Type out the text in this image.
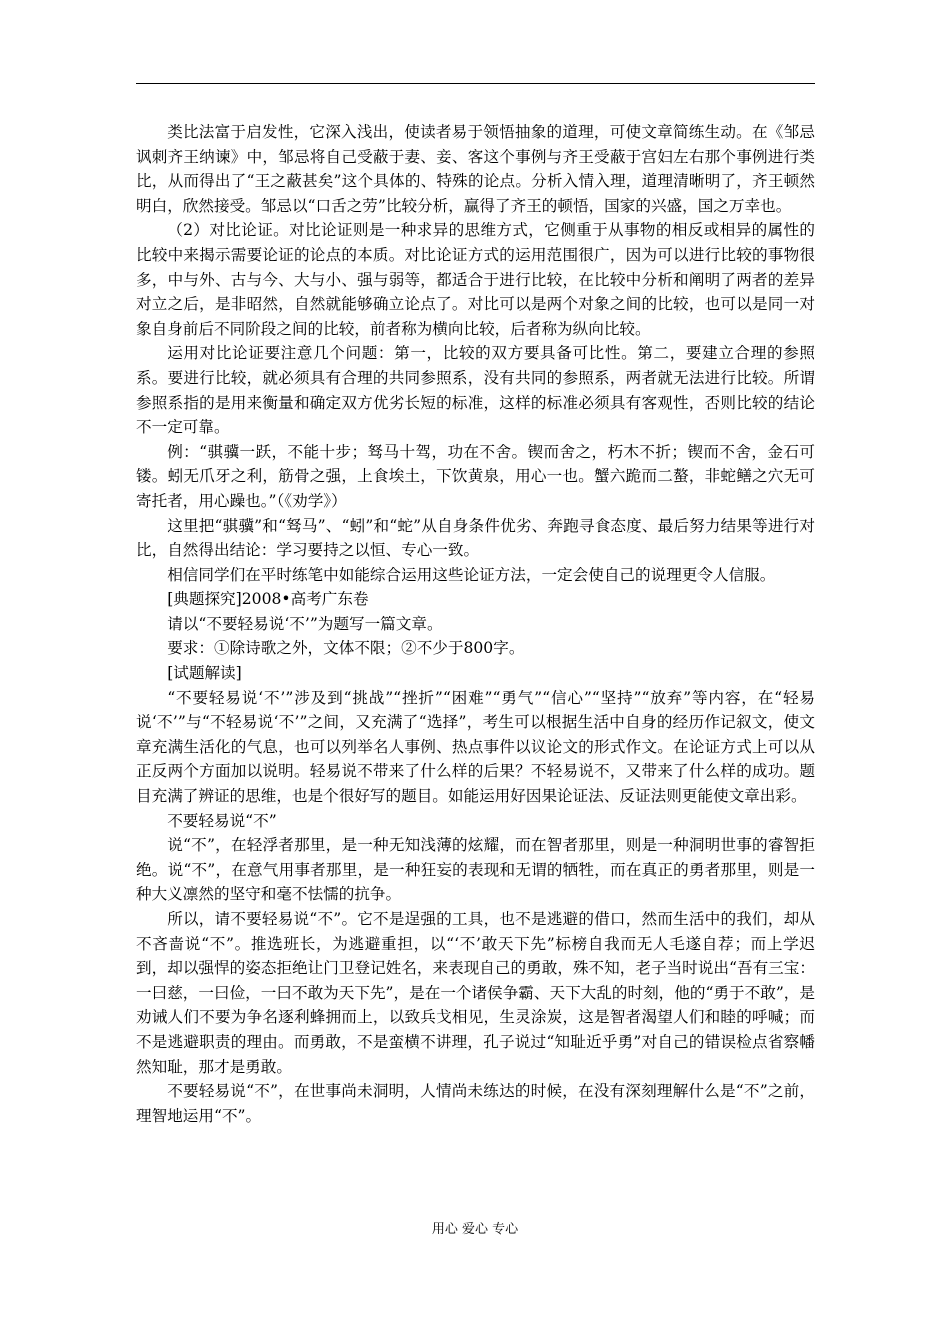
类比法富于启发性，它深入浅出，使读者易于领悟抽象的道理，可使文章简练生动。在《邹忌讽刺齐王纳谏》中，邹忌将自己受蔽于妻、妾、客这个事例与齐王受蔽于宫妇左右那个事例进行类比，从而得出了“王之蔽甚矣”这个具体的、特殊的论点。分析入情入理，道理清晰明了，齐王顿然明白，欣然接受。邹忌以“口舌之劳”比较分析，赢得了齐王的顿悟，国家的兴盛，国之万幸也。

（2）对比论证。对比论证则是一种求异的思维方式，它侧重于从事物的相反或相异的属性的比较中来揭示需要论证的论点的本质。对比论证方式的运用范围很广，因为可以进行比较的事物很多，中与外、古与今、大与小、强与弱等，都适合于进行比较，在比较中分析和阐明了两者的差异对立之后，是非昭然，自然就能够确立论点了。对比可以是两个对象之间的比较，也可以是同一对象自身前后不同阶段之间的比较，前者称为横向比较，后者称为纵向比较。

运用对比论证要注意几个问题：第一，比较的双方要具备可比性。第二，要建立合理的参照系。要进行比较，就必须具有合理的共同参照系，没有共同的参照系，两者就无法进行比较。所谓参照系指的是用来衡量和确定双方优劣长短的标准，这样的标准必须具有客观性，否则比较的结论不一定可靠。

例：“骐骥一跃，不能十步；驽马十驾，功在不舍。锲而舍之，朽木不折；锲而不舍，金石可镂。蚓无爪牙之利，筋骨之强，上食埃土，下饮黄泉，用心一也。蟹六跪而二螯，非蛇鳝之穴无可寄托者，用心躁也。”（《劝学》）

这里把“骐骥”和“驽马”、“蚓”和“蛇”从自身条件优劣、奔跑寻食态度、最后努力结果等进行对比，自然得出结论：学习要持之以恒、专心一致。

相信同学们在平时练笔中如能综合运用这些论证方法，一定会使自己的说理更令人信服。

[典题探究]2008•高考广东卷

请以“不要轻易说‘不’”为题写一篇文章。

要求：①除诗歌之外，文体不限；②不少于800字。

[试题解读]

“不要轻易说‘不’”涉及到“挑战”“挫折”“困难”“勇气”“信心”“坚持”“放弃”等内容，在“轻易说‘不’”与“不轻易说‘不’”之间，又充满了“选择”，考生可以根据生活中自身的经历作记叙文，使文章充满生活化的气息，也可以列举名人事例、热点事件以议论文的形式作文。在论证方式上可以从正反两个方面加以说明。轻易说不带来了什么样的后果？不轻易说不，又带来了什么样的成功。题目充满了辨证的思维，也是个很好写的题目。如能运用好因果论证法、反证法则更能使文章出彩。

不要轻易说“不”

说“不”，在轻浮者那里，是一种无知浅薄的炫耀，而在智者那里，则是一种洞明世事的睿智拒绝。说“不”，在意气用事者那里，是一种狂妄的表现和无谓的牺牲，而在真正的勇者那里，则是一种大义凛然的坚守和毫不怯懦的抗争。

所以，请不要轻易说“不”。它不是逞强的工具，也不是逃避的借口，然而生活中的我们，却从不吝啬说“不”。推选班长，为逃避重担，以“‘不’敢天下先”标榜自我而无人毛遂自荐；而上学迟到，却以强悍的姿态拒绝让门卫登记姓名，来表现自己的勇敢，殊不知，老子当时说出“吾有三宝：一曰慈，一曰俭，一曰不敢为天下先”，是在一个诸侯争霸、天下大乱的时刻，他的“勇于不敢”，是劝诫人们不要为争名逐利蜂拥而上，以致兵戈相见，生灵涂炭，这是智者渴望人们和睦的呼喊；而不是逃避职责的理由。而勇敢，不是蛮横不讲理，孔子说过“知耻近乎勇”对自己的错误检点省察幡然知耻，那才是勇敢。

不要轻易说“不”，在世事尚未洞明，人情尚未练达的时候，在没有深刻理解什么是“不”之前，理智地运用“不”。

用心 爱心 专心
